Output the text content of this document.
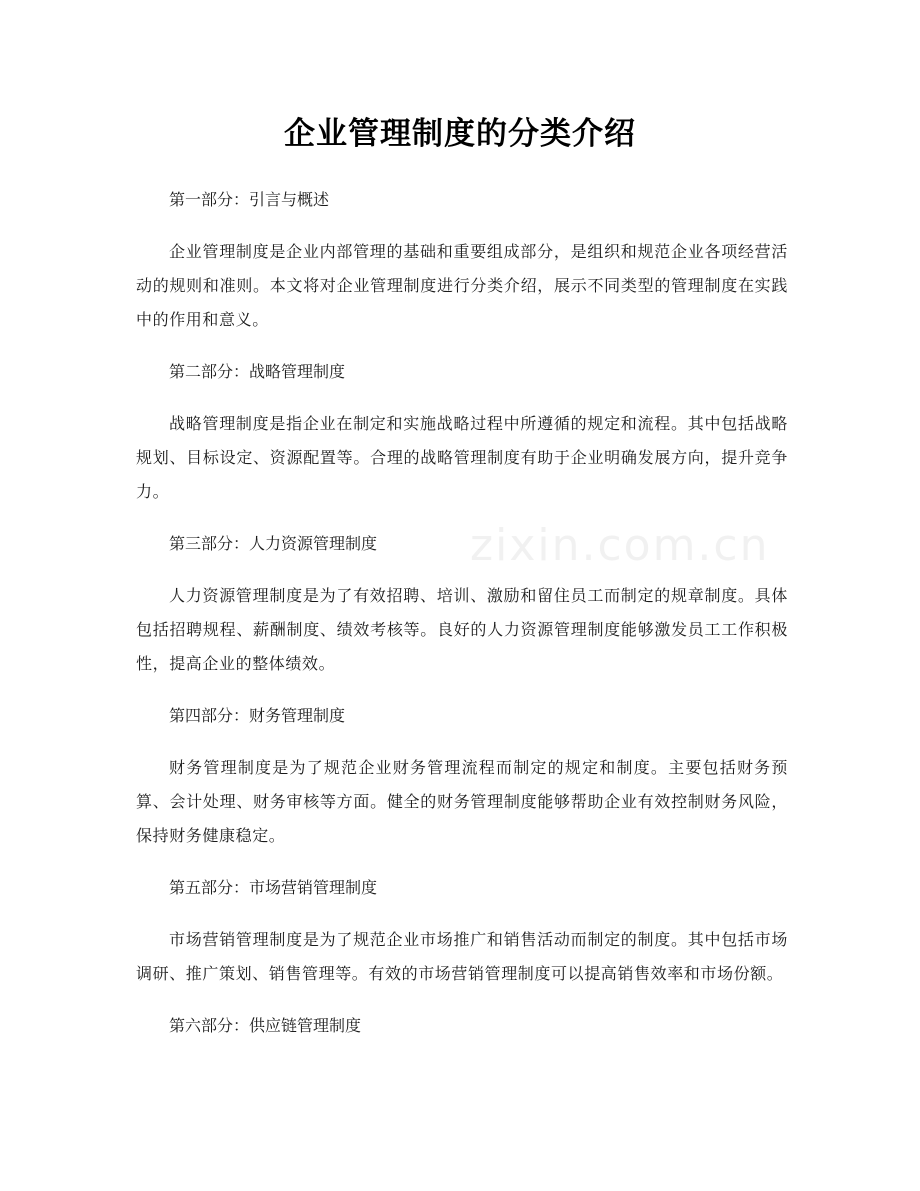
企业管理制度的分类介绍
zixin.com.cn

第一部分：引言与概述

企业管理制度是企业内部管理的基础和重要组成部分，是组织和规范企业各项经营活动的规则和准则。本文将对企业管理制度进行分类介绍，展示不同类型的管理制度在实践中的作用和意义。

第二部分：战略管理制度

战略管理制度是指企业在制定和实施战略过程中所遵循的规定和流程。其中包括战略规划、目标设定、资源配置等。合理的战略管理制度有助于企业明确发展方向，提升竞争力。

第三部分：人力资源管理制度

人力资源管理制度是为了有效招聘、培训、激励和留住员工而制定的规章制度。具体包括招聘规程、薪酬制度、绩效考核等。良好的人力资源管理制度能够激发员工工作积极性，提高企业的整体绩效。

第四部分：财务管理制度

财务管理制度是为了规范企业财务管理流程而制定的规定和制度。主要包括财务预算、会计处理、财务审核等方面。健全的财务管理制度能够帮助企业有效控制财务风险，保持财务健康稳定。

第五部分：市场营销管理制度

市场营销管理制度是为了规范企业市场推广和销售活动而制定的制度。其中包括市场调研、推广策划、销售管理等。有效的市场营销管理制度可以提高销售效率和市场份额。

第六部分：供应链管理制度
